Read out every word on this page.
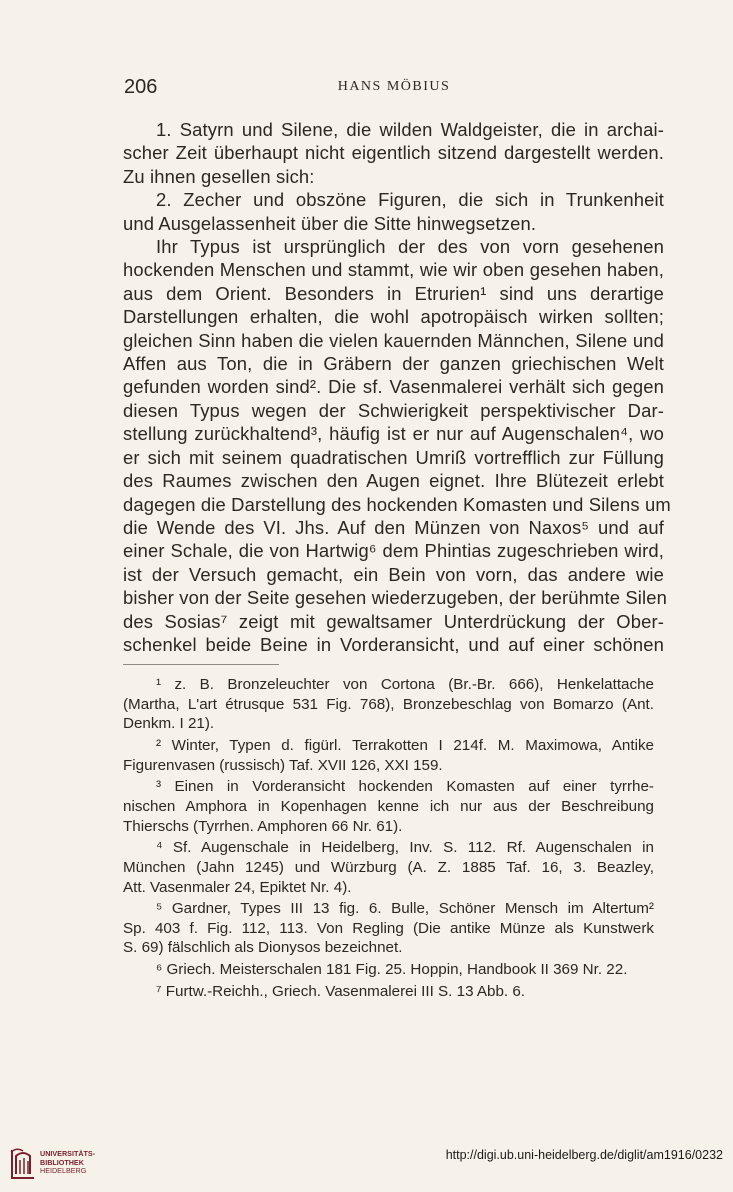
206	HANS MÖBIUS
1. Satyrn und Silene, die wilden Waldgeister, die in archai-
scher Zeit überhaupt nicht eigentlich sitzend dargestellt werden.
Zu ihnen gesellen sich:
2. Zecher und obszöne Figuren, die sich in Trunkenheit
und Ausgelassenheit über die Sitte hinwegsetzen.
Ihr Typus ist ursprünglich der des von vorn gesehenen
hockenden Menschen und stammt, wie wir oben gesehen haben,
aus dem Orient. Besonders in Etrurien¹ sind uns derartige
Darstellungen erhalten, die wohl apotropäisch wirken sollten;
gleichen Sinn haben die vielen kauernden Männchen, Silene und
Affen aus Ton, die in Gräbern der ganzen griechischen Welt
gefunden worden sind². Die sf. Vasenmalerei verhält sich gegen
diesen Typus wegen der Schwierigkeit perspektivischer Dar-
stellung zurückhaltend³, häufig ist er nur auf Augenschalen⁴, wo
er sich mit seinem quadratischen Umriß vortrefflich zur Füllung
des Raumes zwischen den Augen eignet. Ihre Blütezeit erlebt
dagegen die Darstellung des hockenden Komasten und Silens um
die Wende des VI. Jhs. Auf den Münzen von Naxos⁵ und auf
einer Schale, die von Hartwig⁶ dem Phintias zugeschrieben wird,
ist der Versuch gemacht, ein Bein von vorn, das andere wie
bisher von der Seite gesehen wiederzugeben, der berühmte Silen
des Sosias⁷ zeigt mit gewaltsamer Unterdrückung der Ober-
schenkel beide Beine in Vorderansicht, und auf einer schönen
¹ z. B. Bronzeleuchter von Cortona (Br.-Br. 666), Henkelattache
(Martha, L'art étrusque 531 Fig. 768), Bronzebeschlag von Bomarzo (Ant.
Denkm. I 21).
² Winter, Typen d. figürl. Terrakotten I 214f. M. Maximowa, Antike
Figurenvasen (russisch) Taf. XVII 126, XXI 159.
³ Einen in Vorderansicht hockenden Komasten auf einer tyrrhe-
nischen Amphora in Kopenhagen kenne ich nur aus der Beschreibung
Thierschs (Tyrrhen. Amphoren 66 Nr. 61).
⁴ Sf. Augenschale in Heidelberg, Inv. S. 112. Rf. Augenschalen in
München (Jahn 1245) und Würzburg (A. Z. 1885 Taf. 16, 3. Beazley,
Att. Vasenmaler 24, Epiktet Nr. 4).
⁵ Gardner, Types III 13 fig. 6. Bulle, Schöner Mensch im Altertum²
Sp. 403 f. Fig. 112, 113. Von Regling (Die antike Münze als Kunstwerk
S. 69) fälschlich als Dionysos bezeichnet.
⁶ Griech. Meisterschalen 181 Fig. 25. Hoppin, Handbook II 369 Nr. 22.
⁷ Furtw.-Reichh., Griech. Vasenmalerei III S. 13 Abb. 6.
UNIVERSITÄTS-
BIBLIOTHEK
HEIDELBERG
http://digi.ub.uni-heidelberg.de/diglit/am1916/0232
